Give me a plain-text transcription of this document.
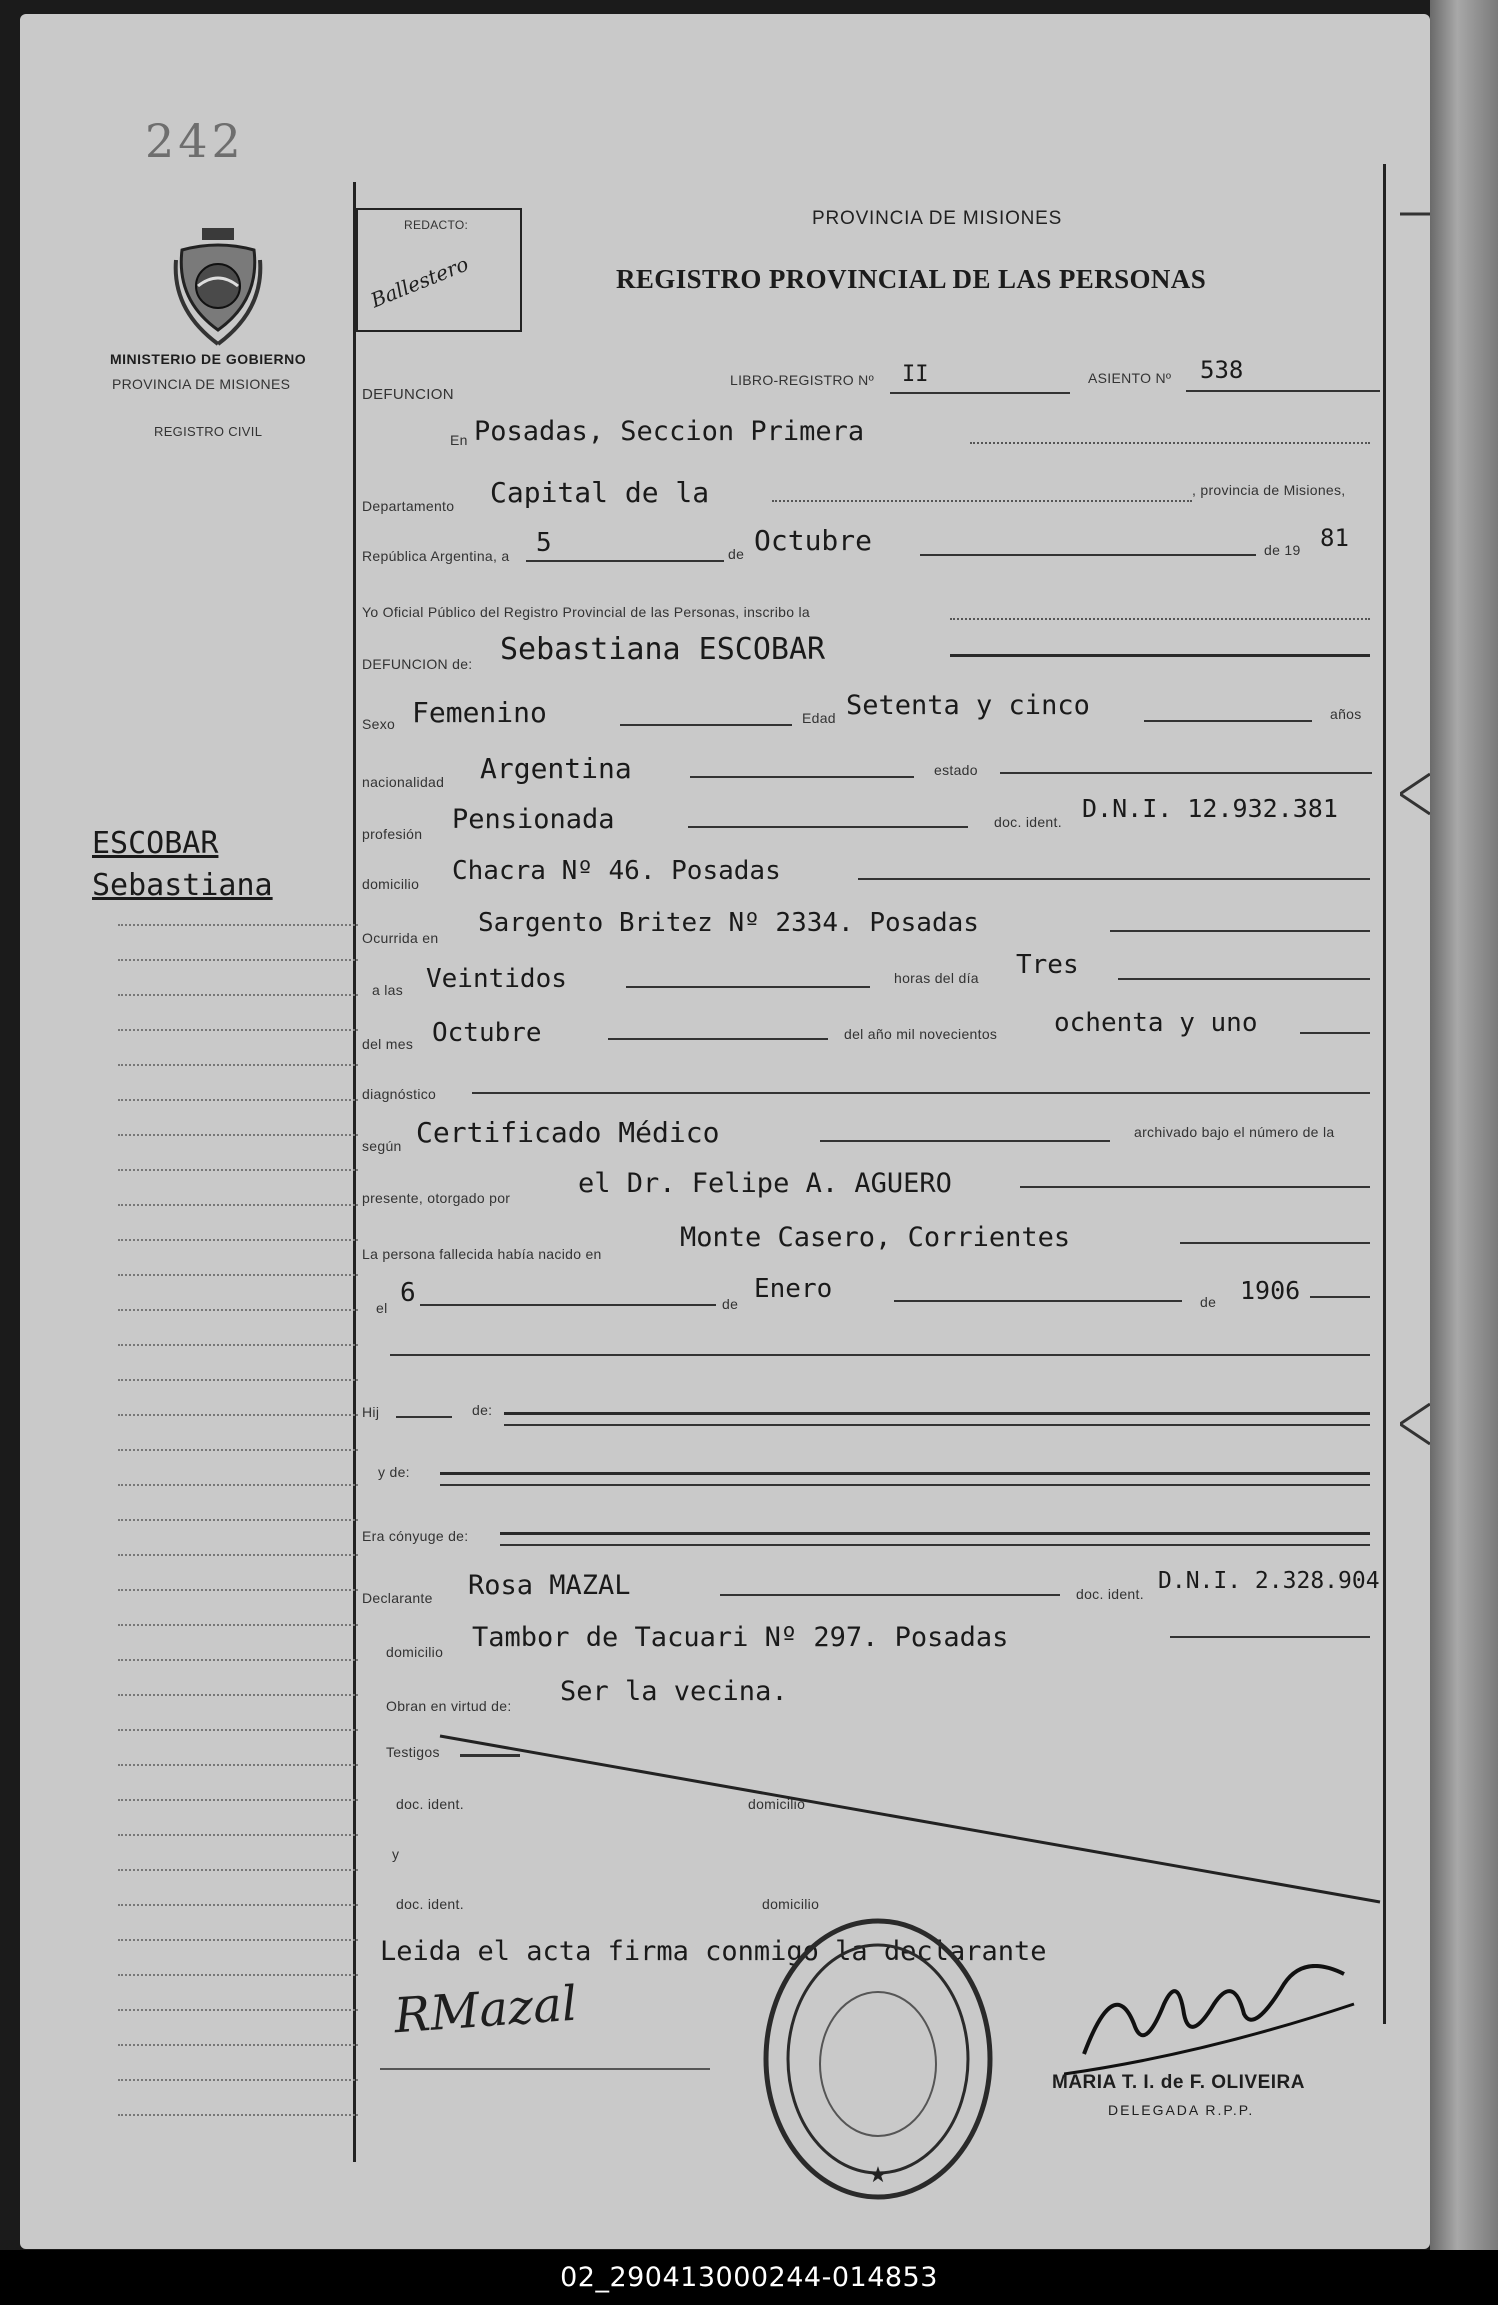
242
MINISTERIO DE GOBIERNO
PROVINCIA DE MISIONES
REGISTRO CIVIL
REDACTO:
Ballestero
PROVINCIA DE MISIONES
REGISTRO PROVINCIAL DE LAS PERSONAS
ESCOBAR
Sebastiana
DEFUNCION
LIBRO-REGISTRO Nº II	ASIENTO Nº 538
En Posadas, Seccion Primera
Departamento Capital de la	, provincia de Misiones,
República Argentina, a 5	de Octubre	de 19 81
Yo Oficial Público del Registro Provincial de las Personas, inscribo la
DEFUNCION de: Sebastiana ESCOBAR
Sexo Femenino	Edad Setenta y cinco	años
nacionalidad Argentina	estado
profesión Pensionada	doc. ident. D.N.I. 12.932.381
domicilio Chacra Nº 46. Posadas
Ocurrida en Sargento Britez Nº 2334. Posadas
a las Veintidos	horas del día Tres
del mes Octubre	del año mil novecientos ochenta y uno
diagnóstico
según Certificado Médico	archivado bajo el número de la
presente, otorgado por	el Dr. Felipe A. AGUERO
La persona fallecida había nacido en
Monte Casero, Corrientes
el 6	de Enero	de 1906
Hij	de:
y de:
Era cónyuge de:
Declarante Rosa MAZAL	doc. ident. D.N.I. 2.328.904
domicilio Tambor de Tacuari Nº 297. Posadas
Obran en virtud de: Ser la vecina.
Testigos
doc. ident.	domicilio
y
doc. ident.	domicilio
Leida el acta firma conmigo la declarante
RMazal
★
MARIA T. I. de F. OLIVEIRA
DELEGADA R.P.P.
02_290413000244-014853
